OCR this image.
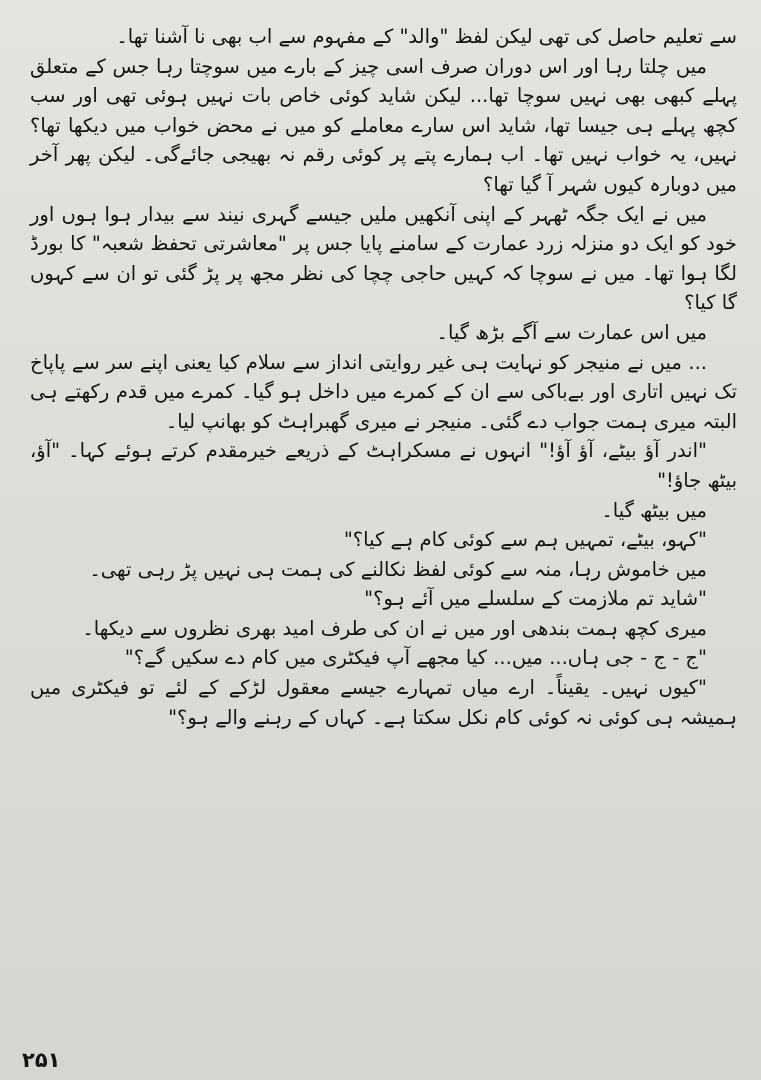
سے تعلیم حاصل کی تھی لیکن لفظ "والد" کے مفہوم سے اب بھی نا آشنا تھا۔

میں چلتا رہا اور اس دوران صرف اسی چیز کے بارے میں سوچتا رہا جس کے متعلق پہلے کبھی بھی نہیں سوچا تھا... لیکن شاید کوئی خاص بات نہیں ہوئی تھی اور سب کچھ پہلے ہی جیسا تھا، شاید اس سارے معاملے کو میں نے محض خواب میں دیکھا تھا؟ نہیں، یہ خواب نہیں تھا۔ اب ہمارے پتے پر کوئی رقم نہ بھیجی جائےگی۔ لیکن پھر آخر میں دوبارہ کیوں شہر آ گیا تھا؟

میں نے ایک جگہ ٹھہر کے اپنی آنکھیں ملیں جیسے گہری نیند سے بیدار ہوا ہوں اور خود کو ایک دو منزلہ زرد عمارت کے سامنے پایا جس پر "معاشرتی تحفظ شعبہ" کا بورڈ لگا ہوا تھا۔ میں نے سوچا کہ کہیں حاجی چچا کی نظر مجھ پر پڑ گئی تو ان سے کہوں گا کیا؟

میں اس عمارت سے آگے بڑھ گیا۔

... میں نے منیجر کو نہایت ہی غیر روایتی انداز سے سلام کیا یعنی اپنے سر سے پاپاخ تک نہیں اتاری اور بےباکی سے ان کے کمرے میں داخل ہو گیا۔ کمرے میں قدم رکھتے ہی البتہ میری ہمت جواب دے گئی۔ منیجر نے میری گھبراہٹ کو بھانپ لیا۔

"اندر آؤ بیٹے، آؤ آؤ!" انہوں نے مسکراہٹ کے ذریعے خیرمقدم کرتے ہوئے کہا۔ "آؤ، بیٹھ جاؤ!"

میں بیٹھ گیا۔

"کہو، بیٹے، تمہیں ہم سے کوئی کام ہے کیا؟"

میں خاموش رہا، منہ سے کوئی لفظ نکالنے کی ہمت ہی نہیں پڑ رہی تھی۔

"شاید تم ملازمت کے سلسلے میں آئے ہو؟"

میری کچھ ہمت بندھی اور میں نے ان کی طرف امید بھری نظروں سے دیکھا۔

"ج - ج - جی ہاں... میں... کیا مجھے آپ فیکٹری میں کام دے سکیں گے؟"

"کیوں نہیں۔ یقیناً۔ ارے میاں تمہارے جیسے معقول لڑکے کے لئے تو فیکٹری میں ہمیشہ ہی کوئی نہ کوئی کام نکل سکتا ہے۔ کہاں کے رہنے والے ہو؟"

۲۵۱
